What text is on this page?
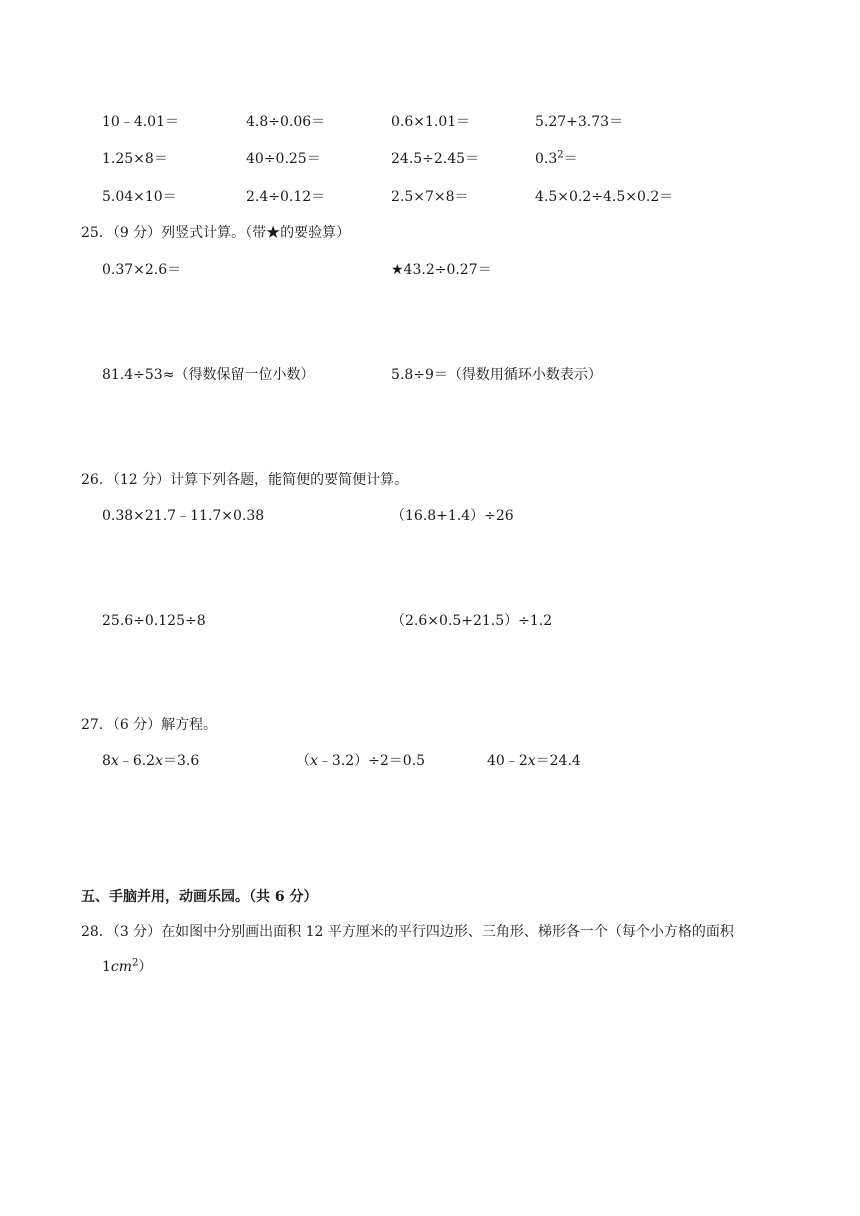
10﹣4.01＝	4.8÷0.06＝	0.6×1.01＝	5.27+3.73＝
1.25×8＝	40÷0.25＝	24.5÷2.45＝	$0.3^2=$
5.04×10＝	2.4÷0.12＝	2.5×7×8＝	4.5×0.2÷4.5×0.2＝
25．（9 分）列竖式计算。（带★的要验算）
0.37×2.6＝	★43.2÷0.27＝
81.4÷53≈（得数保留一位小数）	5.8÷9＝（得数用循环小数表示）
26．（12 分）计算下列各题，能简便的要简便计算。
0.38×21.7﹣11.7×0.38	（16.8+1.4）÷26
25.6÷0.125÷8	（2.6×0.5+21.5）÷1.2
27．（6 分）解方程。
8x﹣6.2x＝3.6	（x﹣3.2）÷2＝0.5	40﹣2x＝24.4
五、手脑并用，动画乐园。（共 6 分）
28．（3 分）在如图中分别画出面积 12 平方厘米的平行四边形、三角形、梯形各一个（每个小方格的面积
$1cm^2$）
